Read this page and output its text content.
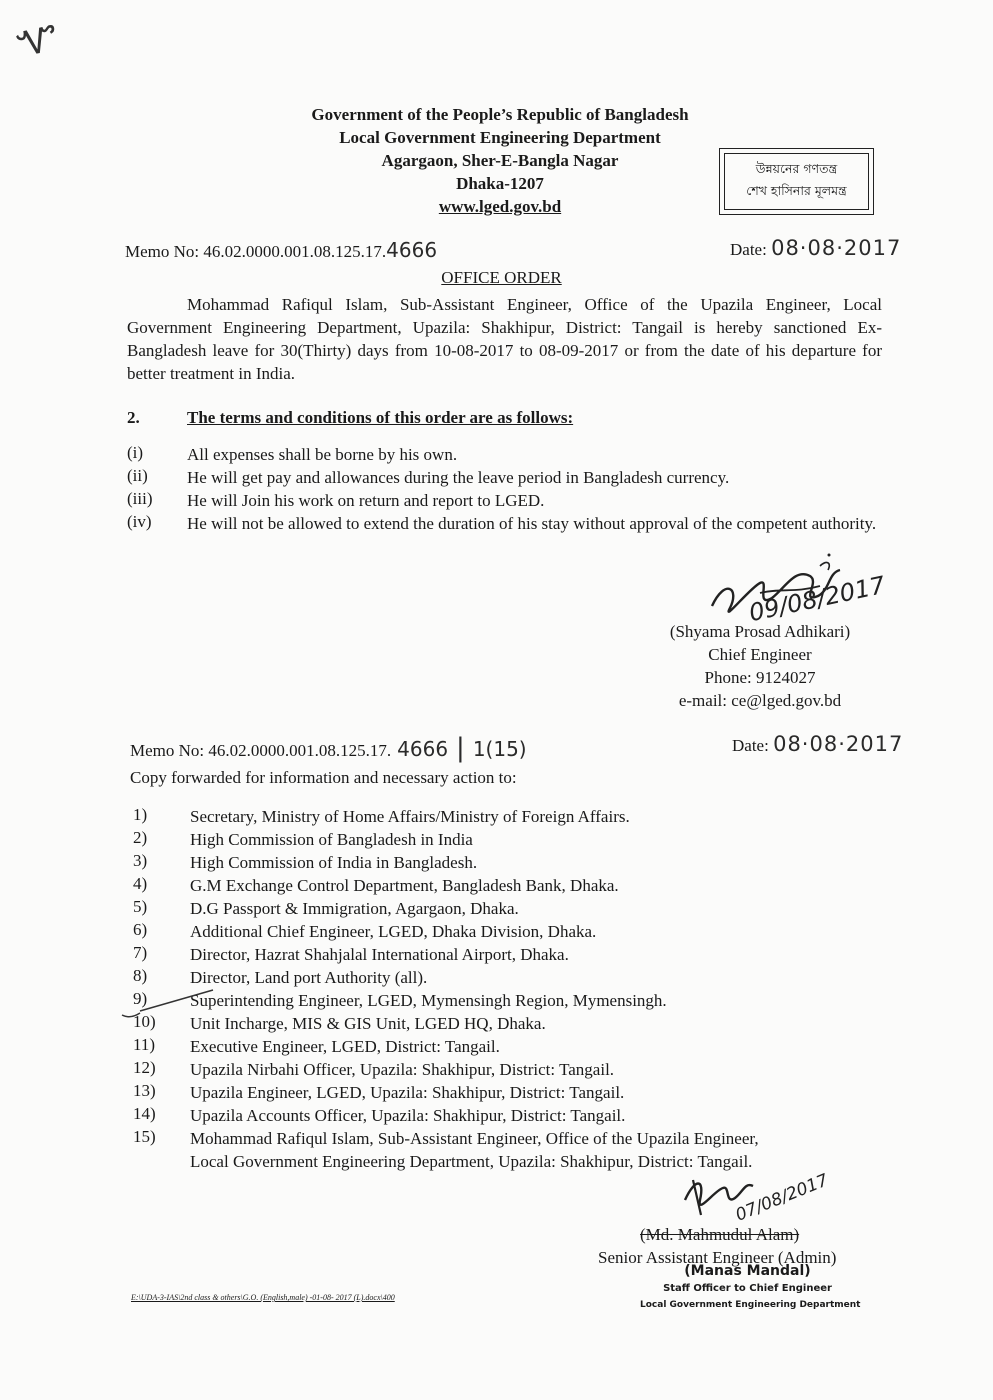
Ꮙ
Government of the People’s Republic of Bangladesh
Local Government Engineering Department
Agargaon, Sher-E-Bangla Nagar
Dhaka-1207
www.lged.gov.bd
উন্নয়নের গণতন্ত্র
শেখ হাসিনার মূলমন্ত্র
Memo No: 46.02.0000.001.08.125.17.4666	Date: 08·08·2017
OFFICE ORDER
Mohammad Rafiqul Islam, Sub-Assistant Engineer, Office of the Upazila Engineer, Local Government Engineering Department, Upazila: Shakhipur, District: Tangail is hereby sanctioned Ex-Bangladesh leave for 30(Thirty) days from 10-08-2017 to 08-09-2017 or from the date of his departure for better treatment in India.
2.	The terms and conditions of this order are as follows:
(i)	All expenses shall be borne by his own.
(ii) He will get pay and allowances during the leave period in Bangladesh currency.
(iii) He will Join his work on return and report to LGED.
(iv) He will not be allowed to extend the duration of his stay without approval of the competent authority.
09/08/2017
(Shyama Prosad Adhikari)
Chief Engineer
Phone: 9124027
e-mail: ce@lged.gov.bd
Memo No: 46.02.0000.001.08.125.17. 4666 | 1(15)	Date: 08·08·2017
Copy forwarded for information and necessary action to:
1)	Secretary, Ministry of Home Affairs/Ministry of Foreign Affairs.
2)	High Commission of Bangladesh in India
3)	High Commission of India in Bangladesh.
4)	G.M Exchange Control Department, Bangladesh Bank, Dhaka.
5)	D.G Passport & Immigration, Agargaon, Dhaka.
6)	Additional Chief Engineer, LGED, Dhaka Division, Dhaka.
7)	Director, Hazrat Shahjalal International Airport, Dhaka.
8)	Director, Land port Authority (all).
9)	Superintending Engineer, LGED, Mymensingh Region, Mymensingh.
10)	Unit Incharge, MIS & GIS Unit, LGED HQ, Dhaka.
11)	Executive Engineer, LGED, District: Tangail.
12)	Upazila Nirbahi Officer, Upazila: Shakhipur, District: Tangail.
13)	Upazila Engineer, LGED, Upazila: Shakhipur, District: Tangail.
14)	Upazila Accounts Officer, Upazila: Shakhipur, District: Tangail.
15)	Mohammad Rafiqul Islam, Sub-Assistant Engineer, Office of the Upazila Engineer,
Local Government Engineering Department, Upazila: Shakhipur, District: Tangail.
07/08/2017
(Md. Mahmudul Alam)
Senior Assistant Engineer (Admin)
(Manas Mandal)
Staff Officer to Chief Engineer
Local Government Engineering Department
E:\UDA-3-IAS\2nd class & others\G.O. (English,male) -01-08- 2017 (L).docx\400
